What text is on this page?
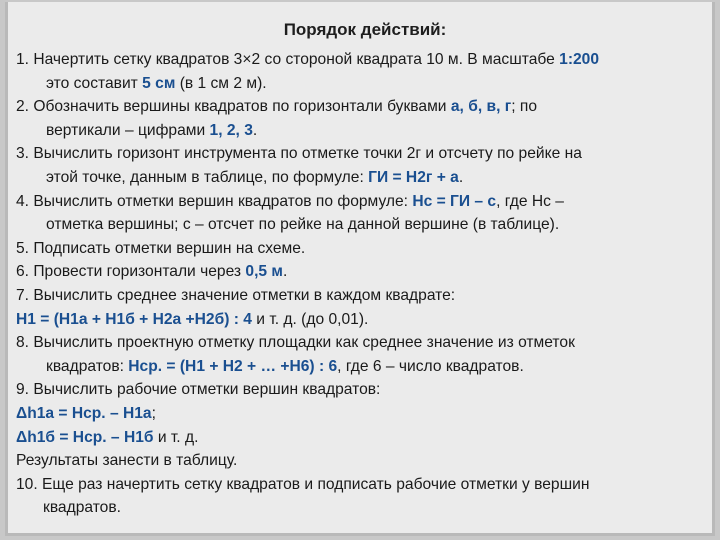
Порядок действий:
1. Начертить сетку квадратов 3×2 со стороной квадрата 10 м. В масштабе 1:200
это составит 5 см (в 1 см 2 м).
2. Обозначить вершины квадратов по горизонтали буквами а, б, в, г; по
вертикали – цифрами 1, 2, 3.
3. Вычислить горизонт инструмента по отметке точки 2г и отсчету по рейке на
этой точке, данным в таблице, по формуле: ГИ = Н2г + а.
4. Вычислить отметки вершин квадратов по формуле: Нс = ГИ – с, где Нс –
отметка вершины; с – отсчет по рейке на данной вершине (в таблице).
5. Подписать отметки вершин на схеме.
6. Провести горизонтали через 0,5 м.
7. Вычислить среднее значение отметки в каждом квадрате:
Н1 = (Н1а + Н1б + Н2а +Н2б) : 4 и т. д. (до 0,01).
8. Вычислить проектную отметку площадки как среднее значение из отметок
квадратов: Нср. = (Н1 + Н2 + … +Н6) : 6, где 6 – число квадратов.
9. Вычислить рабочие отметки вершин квадратов:
Δh1а = Нср. – Н1а;
Δh1б = Нср. – Н1б и т. д.
Результаты занести в таблицу.
10. Еще раз начертить сетку квадратов и подписать рабочие отметки у вершин
квадратов.
